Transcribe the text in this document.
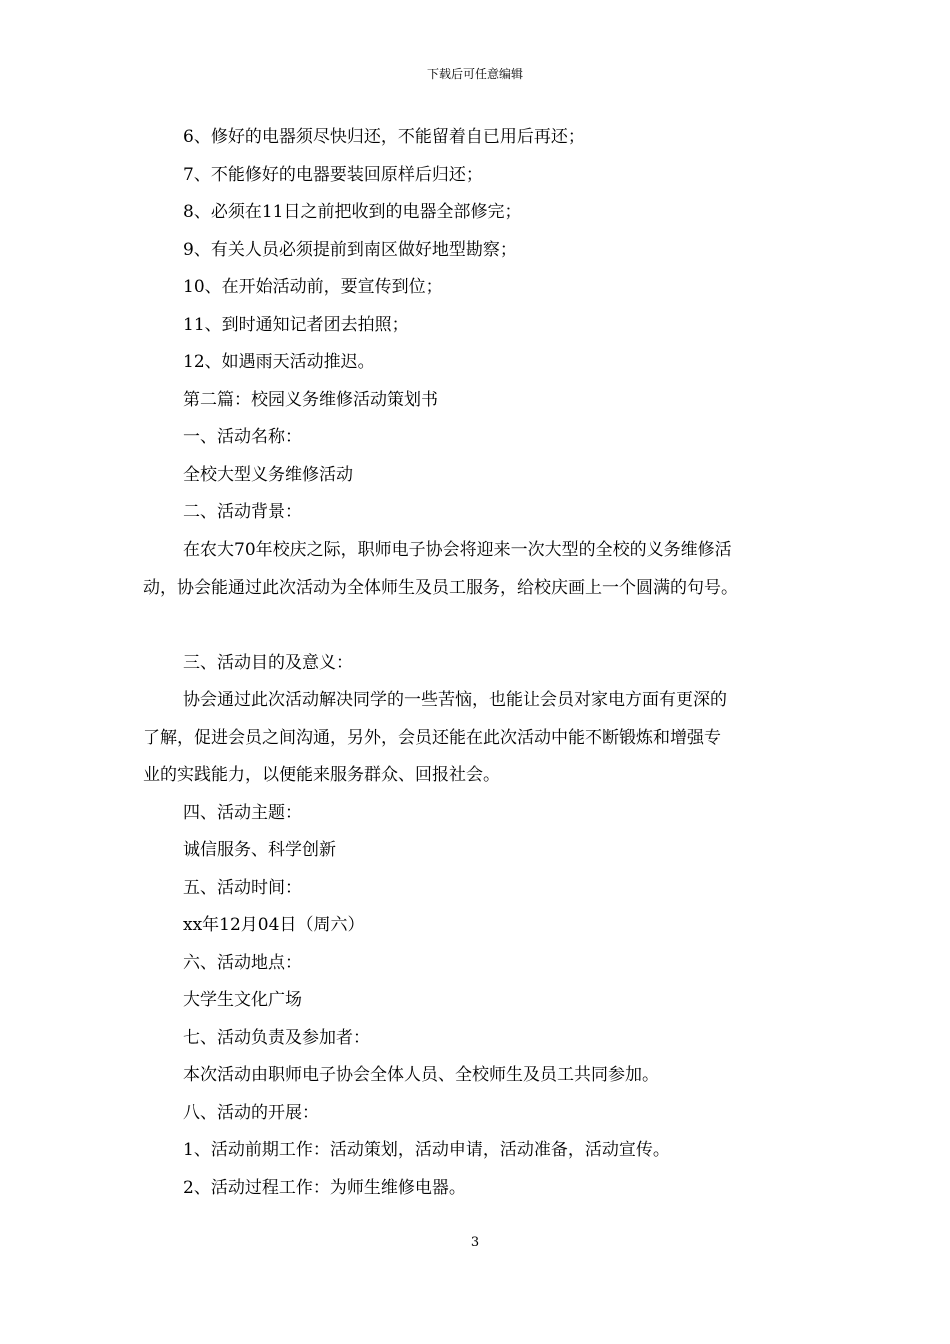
下载后可任意编辑
6、修好的电器须尽快归还，不能留着自已用后再还；
7、不能修好的电器要装回原样后归还；
8、必须在11日之前把收到的电器全部修完；
9、有关人员必须提前到南区做好地型勘察；
10、在开始活动前，要宣传到位；
11、到时通知记者团去拍照；
12、如遇雨天活动推迟。
第二篇：校园义务维修活动策划书
一、活动名称：
全校大型义务维修活动
二、活动背景：
在农大70年校庆之际，职师电子协会将迎来一次大型的全校的义务维修活
动，协会能通过此次活动为全体师生及员工服务，给校庆画上一个圆满的句号。
三、活动目的及意义：
协会通过此次活动解决同学的一些苦恼，也能让会员对家电方面有更深的
了解，促进会员之间沟通，另外，会员还能在此次活动中能不断锻炼和增强专
业的实践能力，以便能来服务群众、回报社会。
四、活动主题：
诚信服务、科学创新
五、活动时间：
xx年12月04日（周六）
六、活动地点：
大学生文化广场
七、活动负责及参加者：
本次活动由职师电子协会全体人员、全校师生及员工共同参加。
八、活动的开展：
1、活动前期工作：活动策划，活动申请，活动准备，活动宣传。
2、活动过程工作：为师生维修电器。
3
